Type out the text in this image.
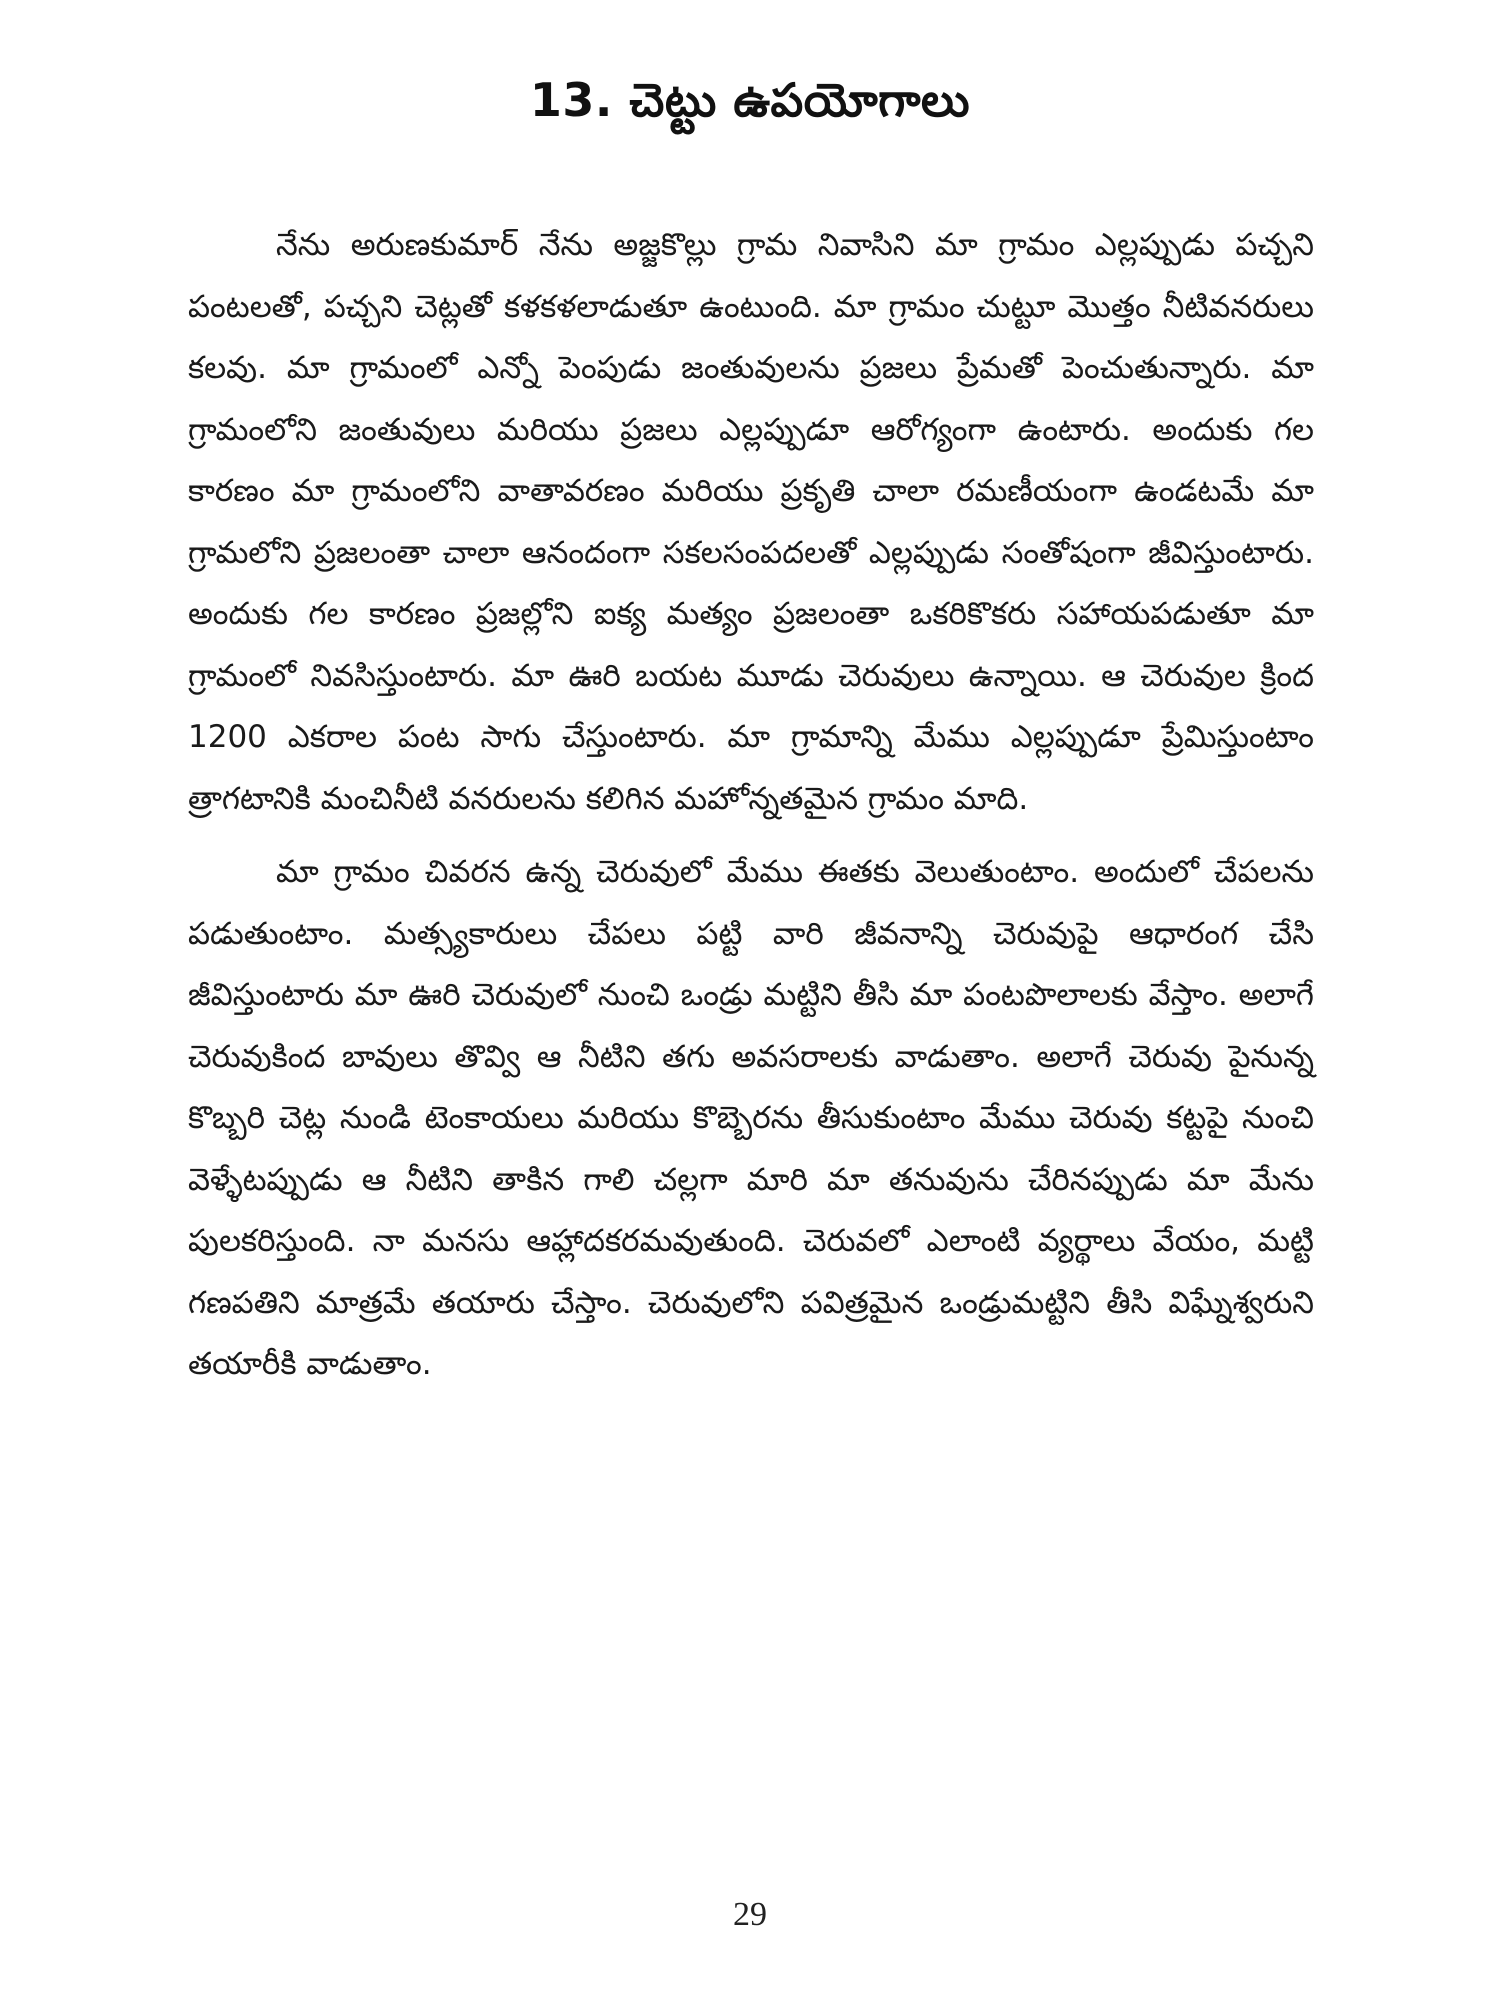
13. చెట్టు ఉపయోగాలు

నేను అరుణకుమార్ నేను అజ్జకొల్లు గ్రామ నివాసిని మా గ్రామం ఎల్లప్పుడు పచ్చని పంటలతో, పచ్చని చెట్లతో కళకళలాడుతూ ఉంటుంది. మా గ్రామం చుట్టూ మొత్తం నీటివనరులు కలవు. మా గ్రామంలో ఎన్నో పెంపుడు జంతువులను ప్రజలు ప్రేమతో పెంచుతున్నారు. మా గ్రామంలోని జంతువులు మరియు ప్రజలు ఎల్లప్పుడూ ఆరోగ్యంగా ఉంటారు. అందుకు గల కారణం మా గ్రామంలోని వాతావరణం మరియు ప్రకృతి చాలా రమణీయంగా ఉండటమే మా గ్రామలోని ప్రజలంతా చాలా ఆనందంగా సకలసంపదలతో ఎల్లప్పుడు సంతోషంగా జీవిస్తుంటారు. అందుకు గల కారణం ప్రజల్లోని ఐక్య మత్యం ప్రజలంతా ఒకరికొకరు సహాయపడుతూ మా గ్రామంలో నివసిస్తుంటారు. మా ఊరి బయట మూడు చెరువులు ఉన్నాయి. ఆ చెరువుల క్రింద 1200 ఎకరాల పంట సాగు చేస్తుంటారు. మా గ్రామాన్ని మేము ఎల్లప్పుడూ ప్రేమిస్తుంటాం త్రాగటానికి మంచినీటి వనరులను కలిగిన మహోన్నతమైన గ్రామం మాది.

మా గ్రామం చివరన ఉన్న చెరువులో మేము ఈతకు వెలుతుంటాం. అందులో చేపలను పడుతుంటాం. మత్స్యకారులు చేపలు పట్టి వారి జీవనాన్ని చెరువుపై ఆధారంగ చేసి జీవిస్తుంటారు మా ఊరి చెరువులో నుంచి ఒండ్రు మట్టిని తీసి మా పంటపొలాలకు వేస్తాం. అలాగే చెరువుకింద బావులు తొవ్వి ఆ నీటిని తగు అవసరాలకు వాడుతాం. అలాగే చెరువు పైనున్న కొబ్బరి చెట్ల నుండి టెంకాయలు మరియు కొబ్బెరను తీసుకుంటాం మేము చెరువు కట్టపై నుంచి వెళ్ళేటప్పుడు ఆ నీటిని తాకిన గాలి చల్లగా మారి మా తనువును చేరినప్పుడు మా మేను పులకరిస్తుంది. నా మనసు ఆహ్లాదకరమవుతుంది. చెరువలో ఎలాంటి వ్యర్థాలు వేయం, మట్టి గణపతిని మాత్రమే తయారు చేస్తాం. చెరువులోని పవిత్రమైన ఒండ్రుమట్టిని తీసి విఘ్నేశ్వరుని తయారీకి వాడుతాం.

29
